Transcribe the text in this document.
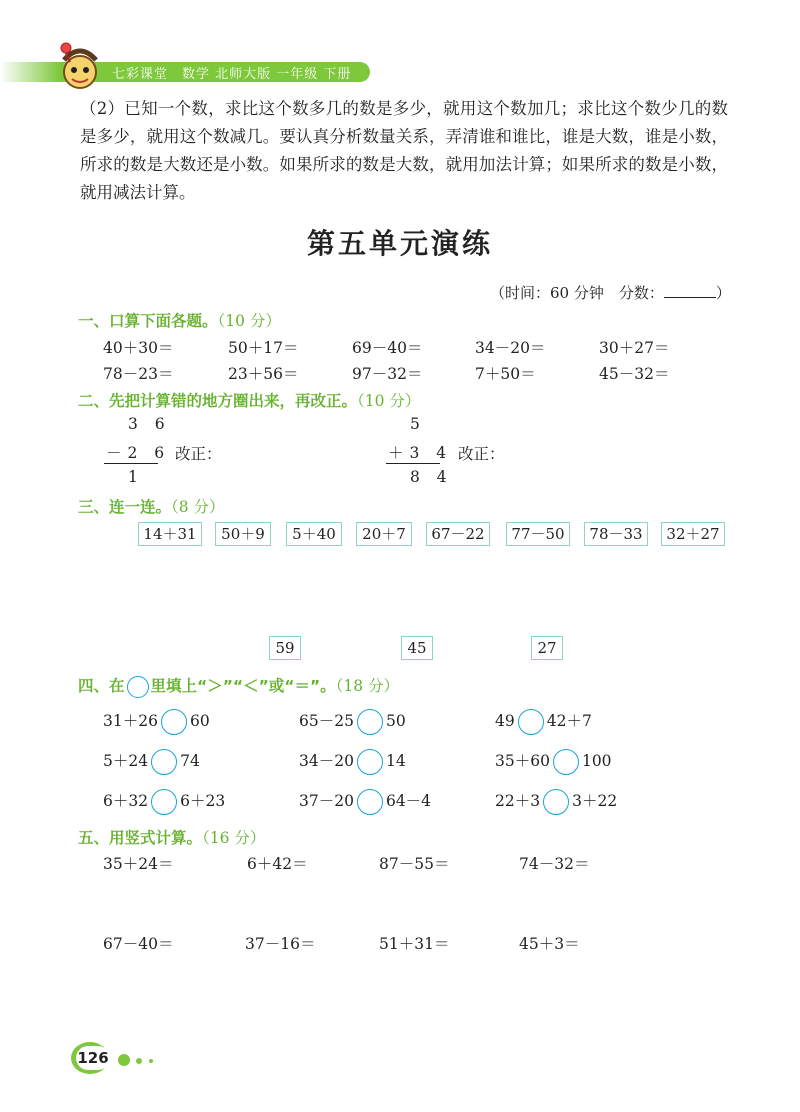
七彩课堂　数学 北师大版 一年级 下册
（2）已知一个数，求比这个数多几的数是多少，就用这个数加几；求比这个数少几的数是多少，就用这个数减几。要认真分析数量关系，弄清谁和谁比，谁是大数，谁是小数，所求的数是大数还是小数。如果所求的数是大数，就用加法计算；如果所求的数是小数，就用减法计算。
第五单元演练
（时间：60 分钟　分数：	）
一、口算下面各题。（10 分）
40＋30＝	50＋17＝	69－40＝	34－20＝	30＋27＝
78－23＝	23＋56＝	97－32＝	7＋50＝	45－32＝
二、先把计算错的地方圈出来，再改正。（10 分）
3 6
－2 6
1
改正：
5
＋3 4
8 4
改正：
三、连一连。（8 分）
14＋31	50＋9	5＋40	20＋7	67－22	77－50	78－33	32＋27
59	45	27
四、在 里填上“＞”“＜”或“＝”。（18 分）
31＋26 60	65－25 50	49 42＋7
5＋24 74	34－20 14	35＋60 100
6＋32 6＋23	37－20 64－4	22＋3 3＋22
五、用竖式计算。（16 分）
35＋24＝	6＋42＝	87－55＝	74－32＝
67－40＝	37－16＝	51＋31＝	45＋3＝
126
